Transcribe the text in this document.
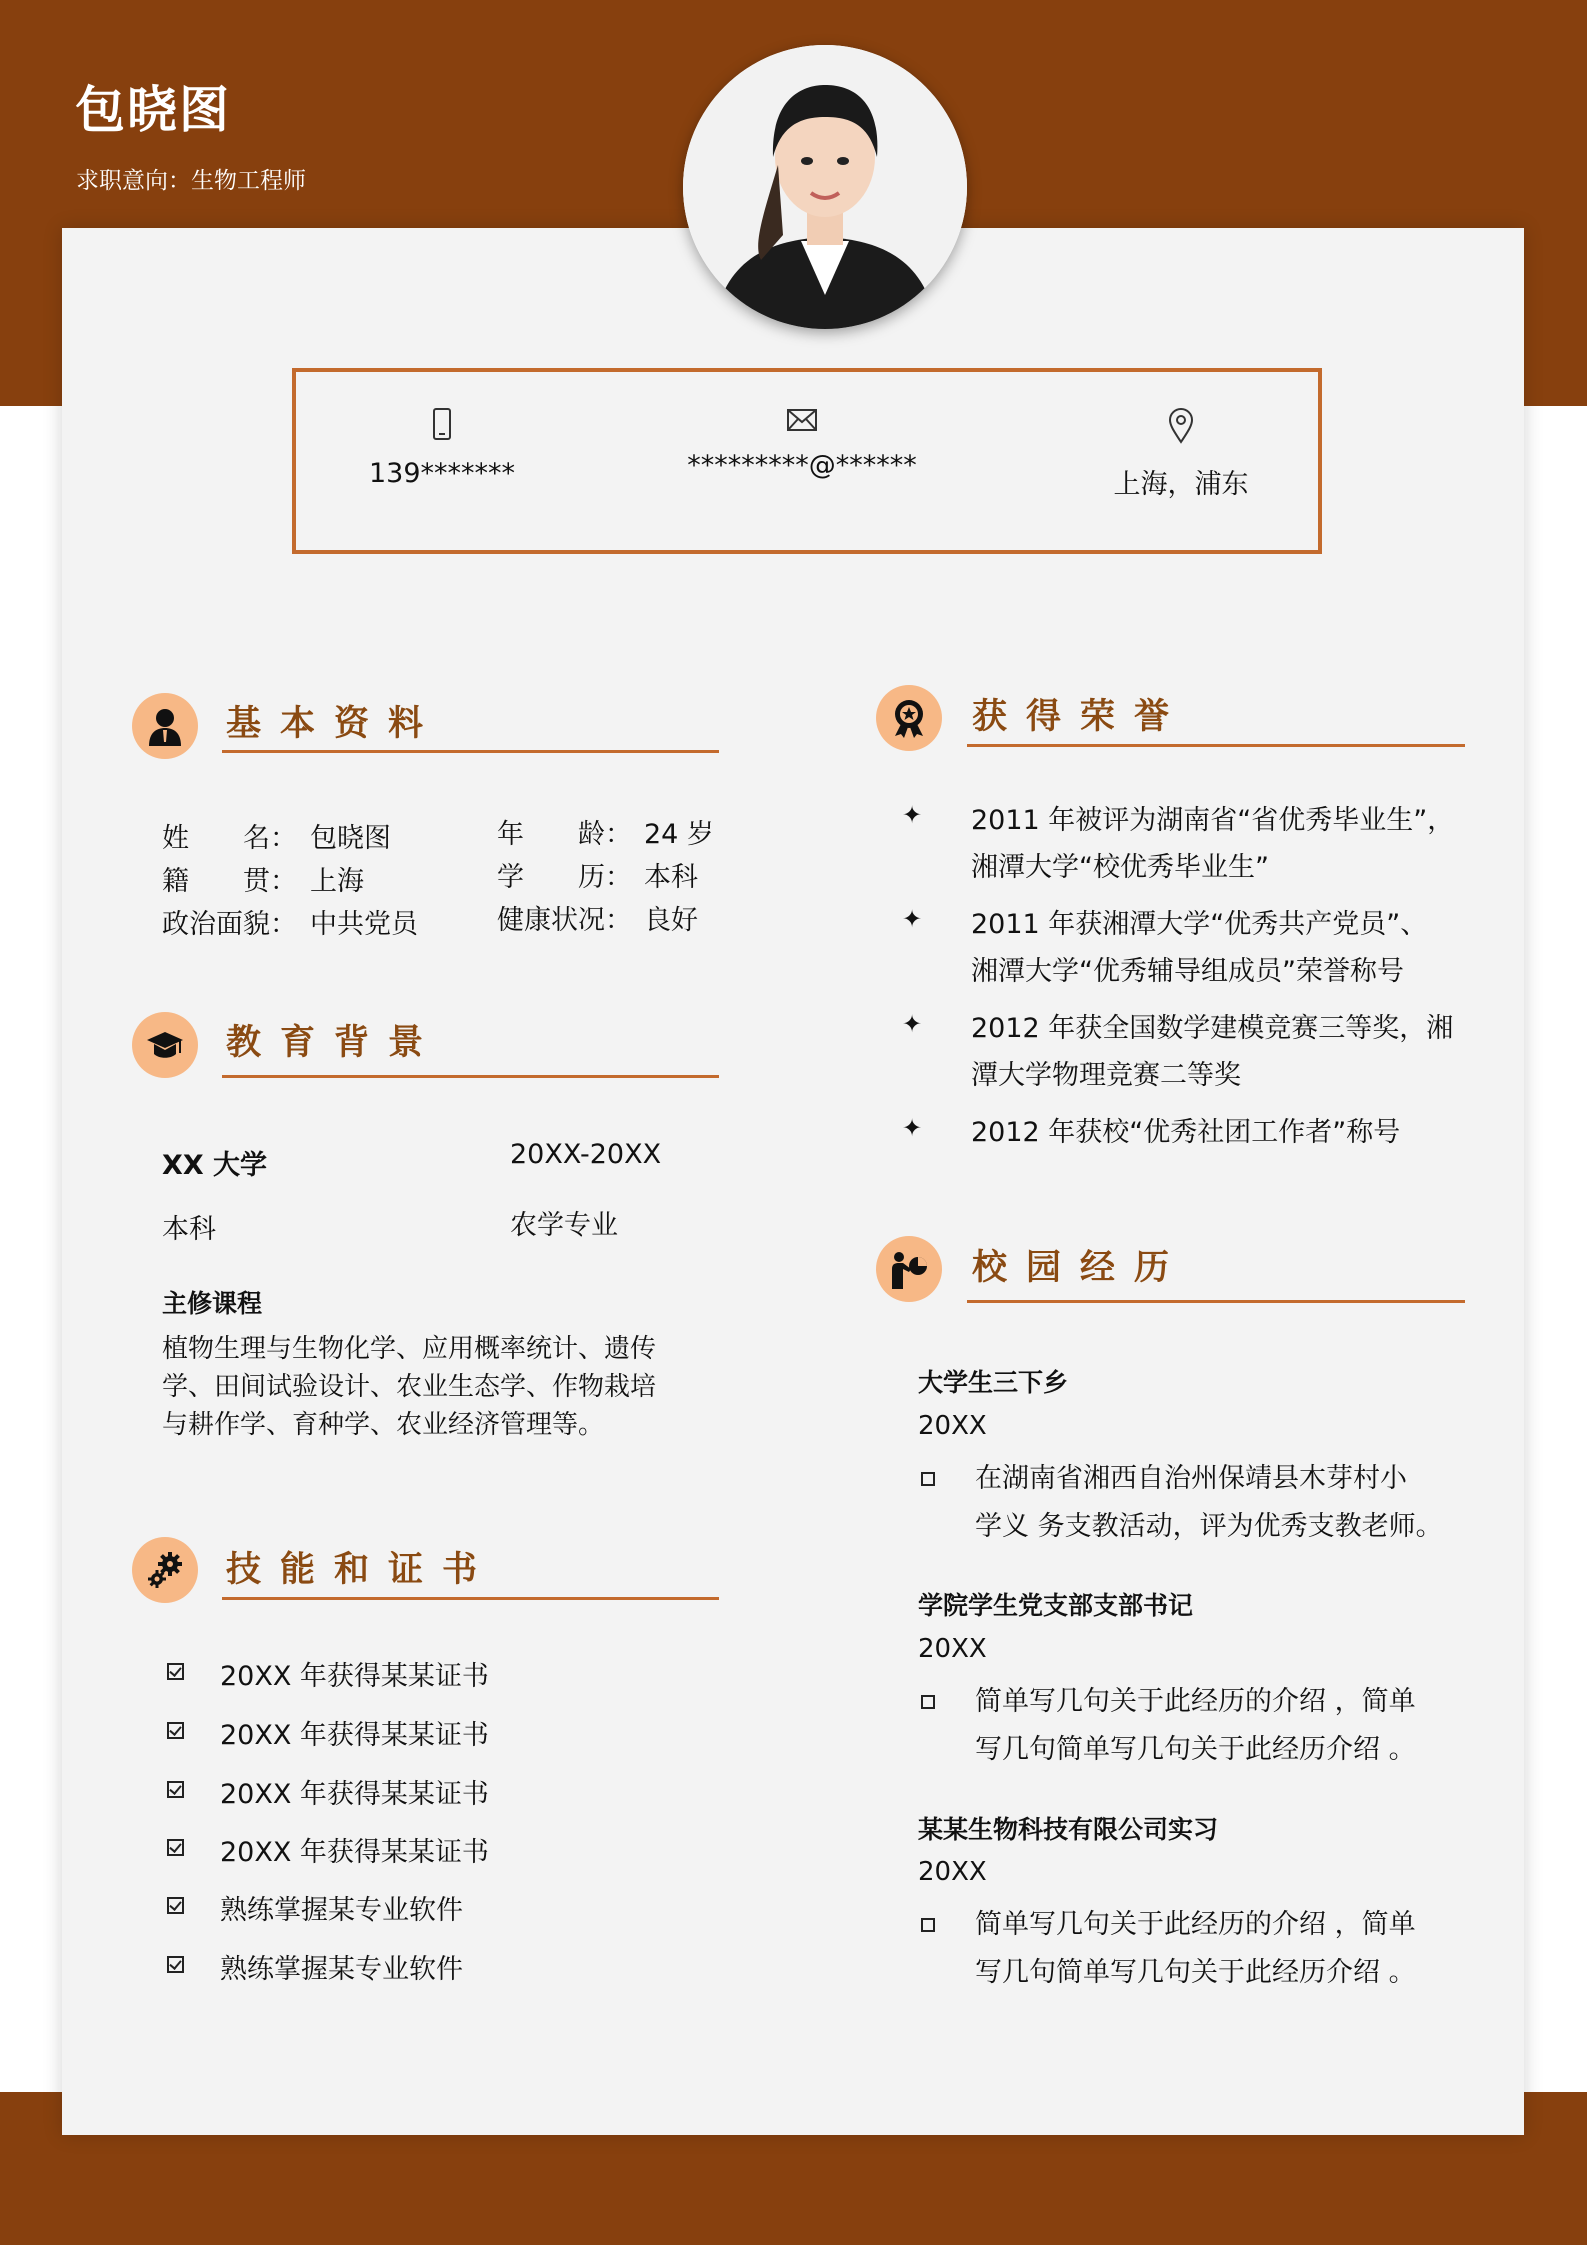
包晓图
求职意向：生物工程师
139*******	*********@******
上海，浦东
基本资料
姓　　名： 包晓图	年　　龄： 24 岁
籍　　贯： 上海	学　　历： 本科
政治面貌： 中共党员	健康状况： 良好
教育背景
XX 大学	20XX-20XX
本科	农学专业
主修课程
植物生理与生物化学、应用概率统计、遗传
学、田间试验设计、农业生态学、作物栽培
与耕作学、育种学、农业经济管理等。
技能和证书
20XX 年获得某某证书
20XX 年获得某某证书
20XX 年获得某某证书
20XX 年获得某某证书
熟练掌握某专业软件
熟练掌握某专业软件
获得荣誉
✦ 2011 年被评为湖南省“省优秀毕业生”，
湘潭大学“校优秀毕业生”
✦ 2011 年获湘潭大学“优秀共产党员”、
湘潭大学“优秀辅导组成员”荣誉称号
✦ 2012 年获全国数学建模竞赛三等奖，湘
潭大学物理竞赛二等奖
✦ 2012 年获校“优秀社团工作者”称号
校园经历
大学生三下乡
20XX
在湖南省湘西自治州保靖县木芽村小
学义 务支教活动，评为优秀支教老师。
学院学生党支部支部书记
20XX
简单写几句关于此经历的介绍 ，简单
写几句简单写几句关于此经历介绍 。
某某生物科技有限公司实习
20XX
简单写几句关于此经历的介绍 ，简单
写几句简单写几句关于此经历介绍 。
